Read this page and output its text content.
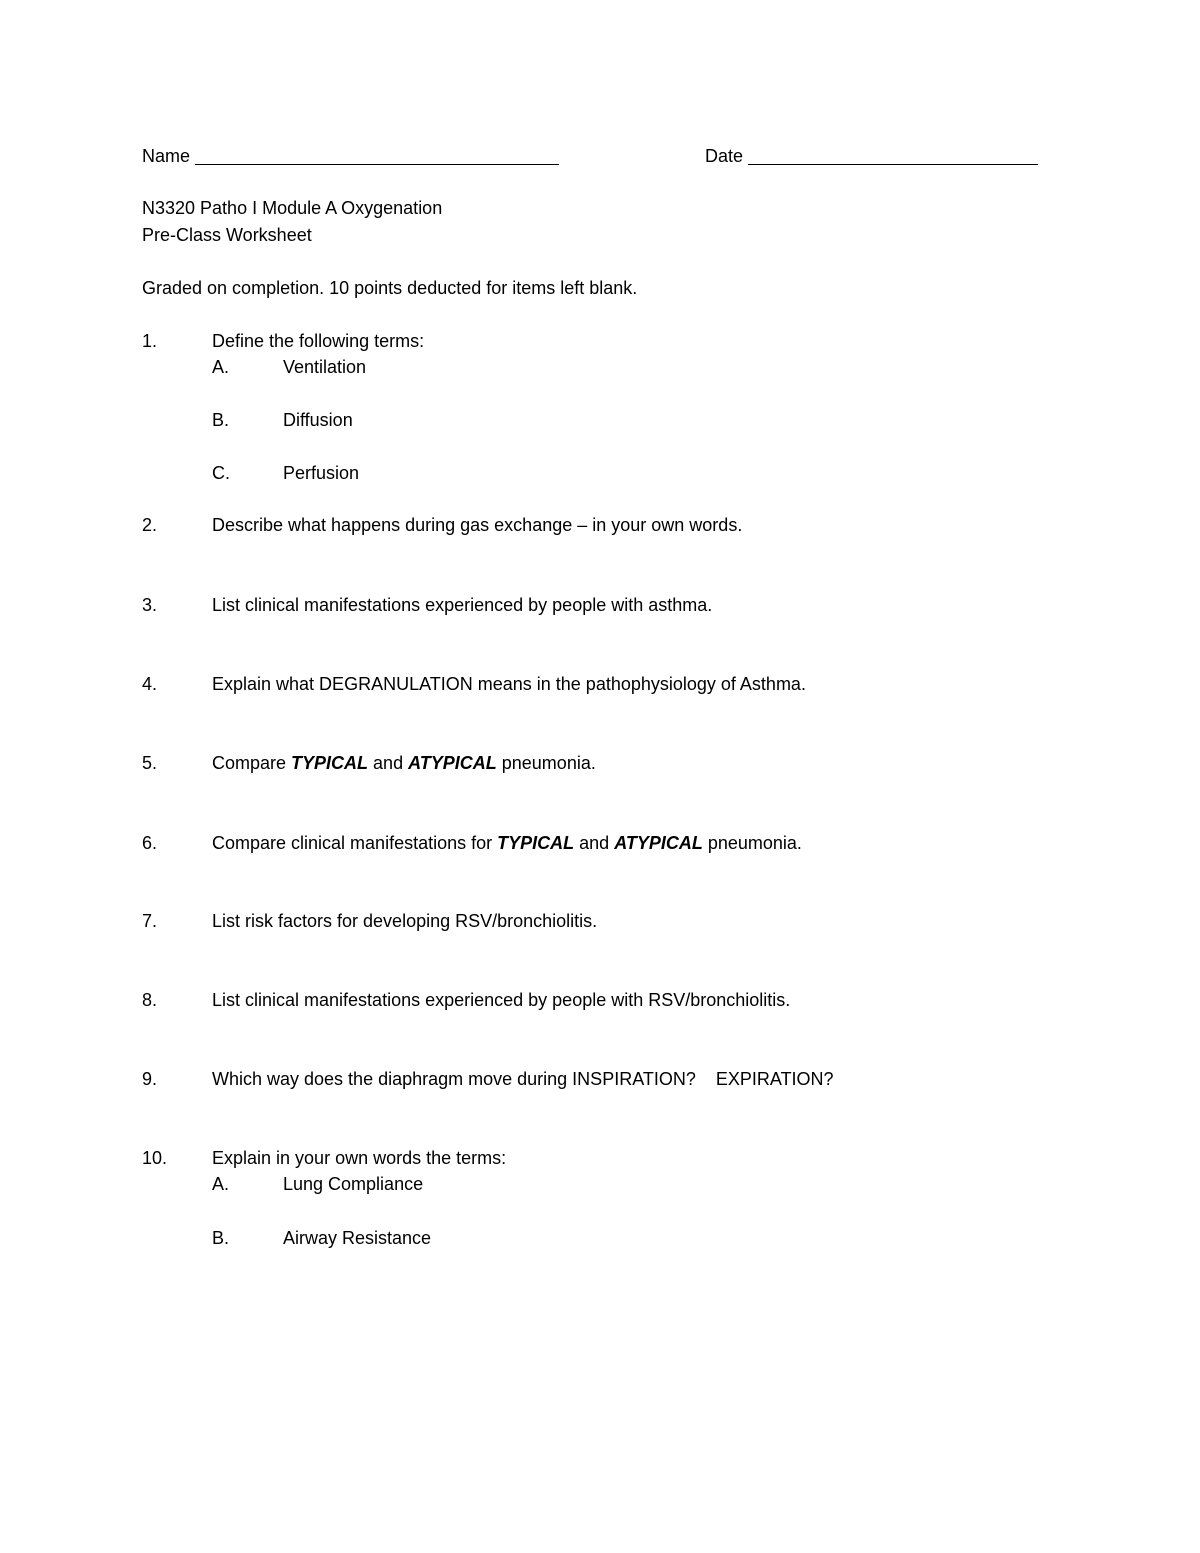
Name	Date
N3320 Patho I Module A Oxygenation
Pre-Class Worksheet
Graded on completion. 10 points deducted for items left blank.
1.	Define the following terms:
A.	Ventilation
B.	Diffusion
C.	Perfusion
2.	Describe what happens during gas exchange – in your own words.
3.	List clinical manifestations experienced by people with asthma.
4.	Explain what DEGRANULATION means in the pathophysiology of Asthma.
5.	Compare TYPICAL and ATYPICAL pneumonia.
6.	Compare clinical manifestations for TYPICAL and ATYPICAL pneumonia.
7.	List risk factors for developing RSV/bronchiolitis.
8.	List clinical manifestations experienced by people with RSV/bronchiolitis.
9.	Which way does the diaphragm move during INSPIRATION?    EXPIRATION?
10. Explain in your own words the terms:
A.	Lung Compliance
B.	Airway Resistance
